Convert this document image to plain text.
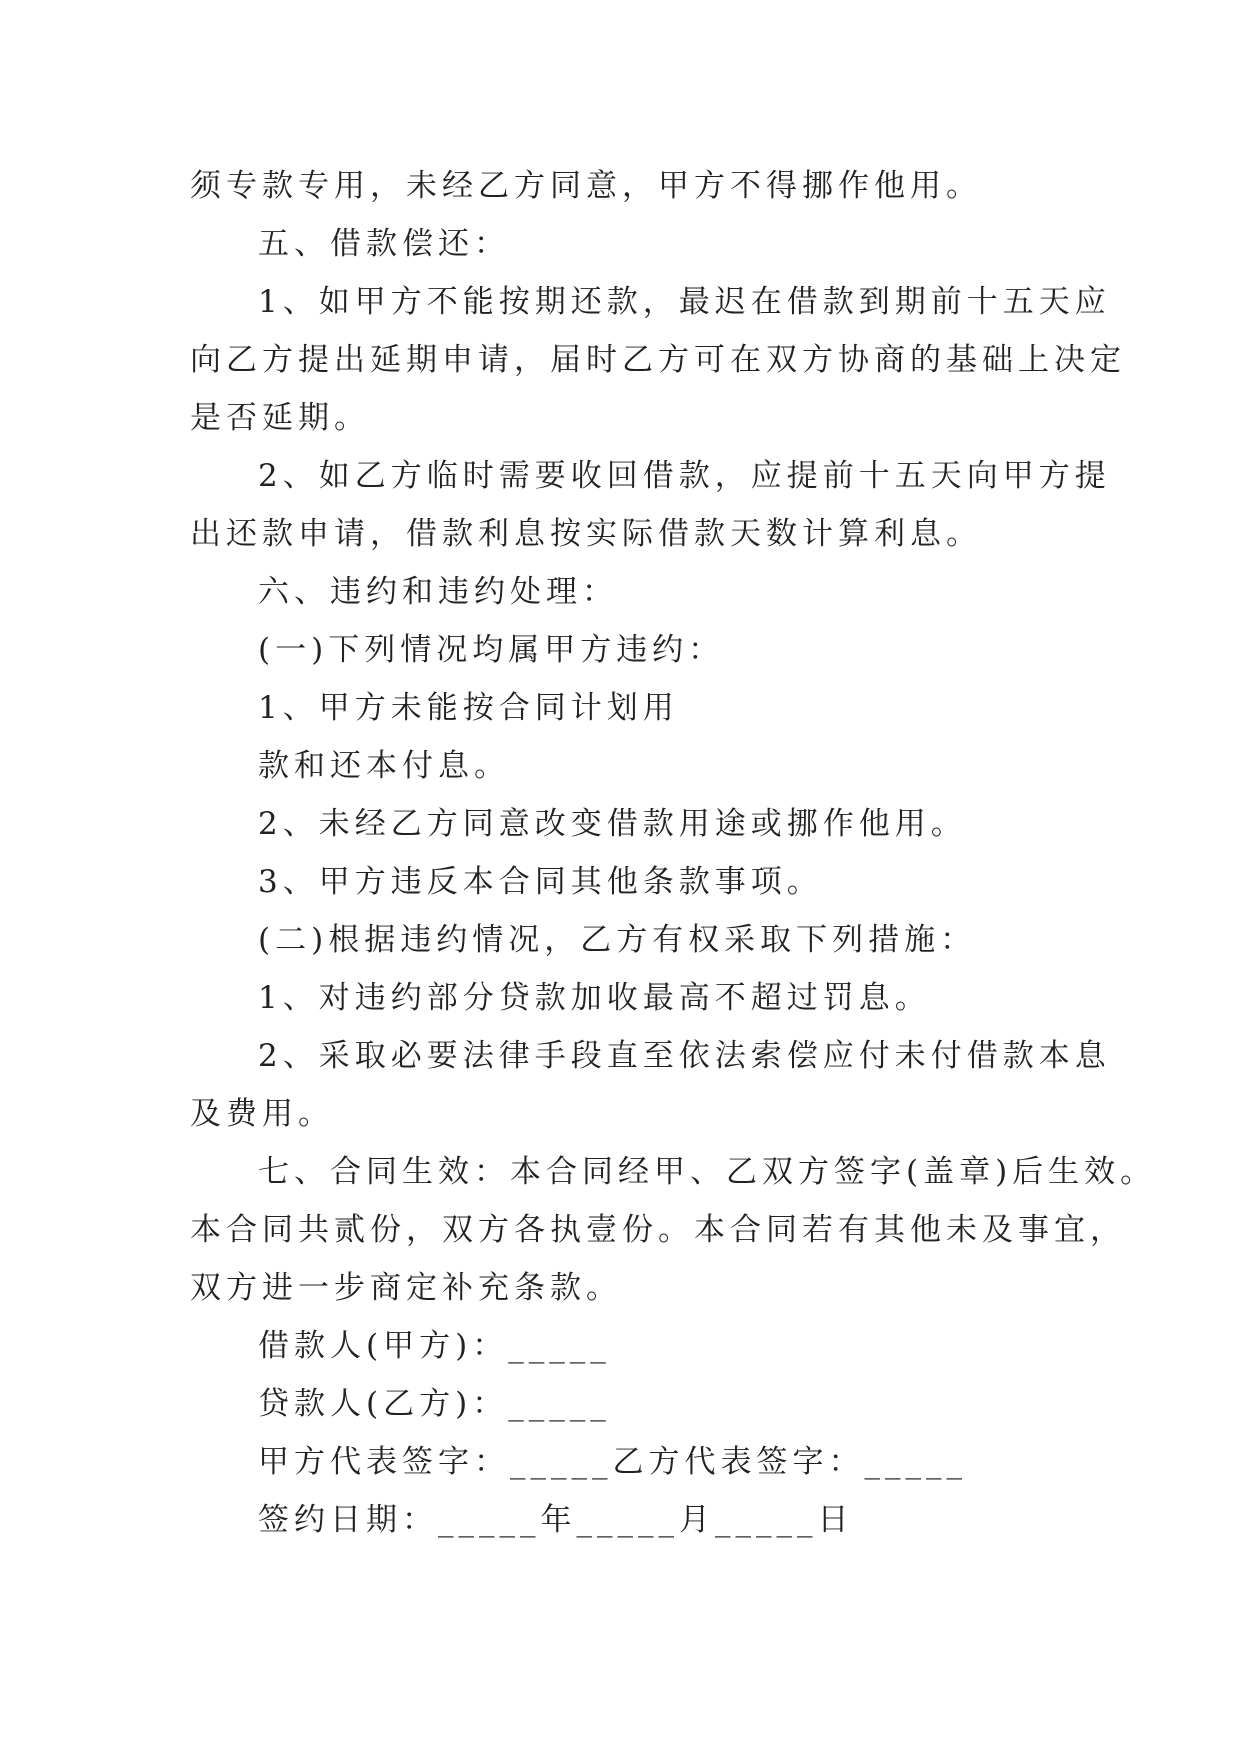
须专款专用，未经乙方同意，甲方不得挪作他用。
五、借款偿还：
1、如甲方不能按期还款，最迟在借款到期前十五天应
向乙方提出延期申请，届时乙方可在双方协商的基础上决定
是否延期。
2、如乙方临时需要收回借款，应提前十五天向甲方提
出还款申请，借款利息按实际借款天数计算利息。
六、违约和违约处理：
(一)下列情况均属甲方违约：
1、甲方未能按合同计划用
款和还本付息。
2、未经乙方同意改变借款用途或挪作他用。
3、甲方违反本合同其他条款事项。
(二)根据违约情况，乙方有权采取下列措施：
1、对违约部分贷款加收最高不超过罚息。
2、采取必要法律手段直至依法索偿应付未付借款本息
及费用。
七、合同生效：本合同经甲、乙双方签字(盖章)后生效。
本合同共贰份，双方各执壹份。本合同若有其他未及事宜，
双方进一步商定补充条款。
借款人(甲方)：_____
贷款人(乙方)：_____
甲方代表签字：_____乙方代表签字：_____
签约日期：_____年_____月_____日
